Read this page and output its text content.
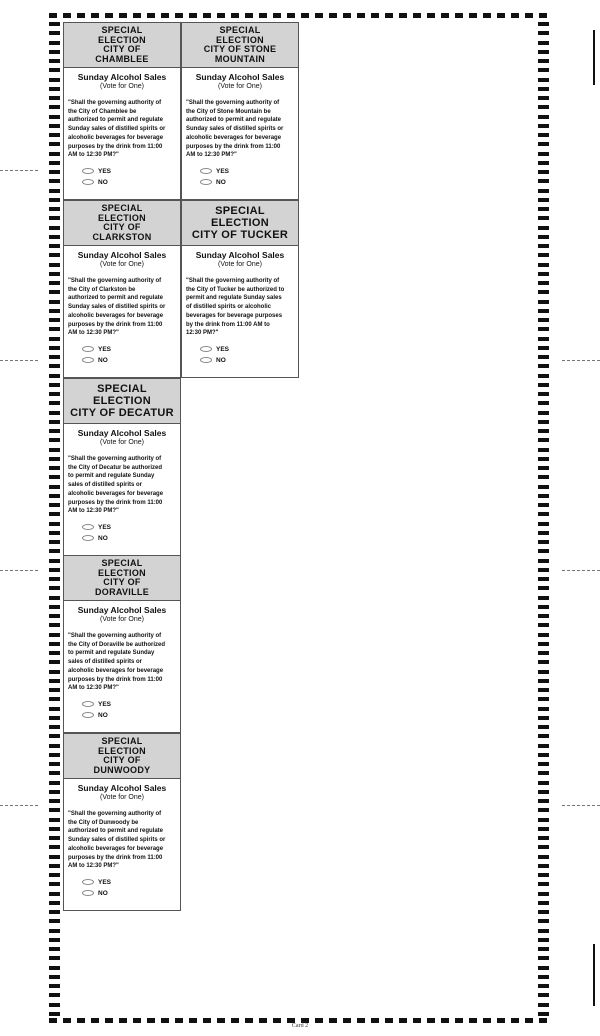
SPECIAL
ELECTION
CITY OF
CHAMBLEE
Sunday Alcohol Sales
(Vote for One)
"Shall the governing authority of
the City of Chamblee be
authorized to permit and regulate
Sunday sales of distilled spirits or
alcoholic beverages for beverage
purposes by the drink from 11:00
AM to 12:30 PM?"
YES
NO
SPECIAL
ELECTION
CITY OF STONE
MOUNTAIN
Sunday Alcohol Sales
(Vote for One)
"Shall the governing authority of
the City of Stone Mountain be
authorized to permit and regulate
Sunday sales of distilled spirits or
alcoholic beverages for beverage
purposes by the drink from 11:00
AM to 12:30 PM?"
YES
NO
SPECIAL
ELECTION
CITY OF
CLARKSTON
Sunday Alcohol Sales
(Vote for One)
"Shall the governing authority of
the City of Clarkston be
authorized to permit and regulate
Sunday sales of distilled spirits or
alcoholic beverages for beverage
purposes by the drink from 11:00
AM to 12:30 PM?"
YES
NO
SPECIAL
ELECTION
CITY OF TUCKER
Sunday Alcohol Sales
(Vote for One)
"Shall the governing authority of
the City of Tucker be authorized to
permit and regulate Sunday sales
of distilled spirits or alcoholic
beverages for beverage purposes
by the drink from 11:00 AM to
12:30 PM?"
YES
NO
SPECIAL
ELECTION
CITY OF DECATUR
Sunday Alcohol Sales
(Vote for One)
"Shall the governing authority of
the City of Decatur be authorized
to permit and regulate Sunday
sales of distilled spirits or
alcoholic beverages for beverage
purposes by the drink from 11:00
AM to 12:30 PM?"
YES
NO
SPECIAL
ELECTION
CITY OF
DORAVILLE
Sunday Alcohol Sales
(Vote for One)
"Shall the governing authority of
the City of Doraville be authorized
to permit and regulate Sunday
sales of distilled spirits or
alcoholic beverages for beverage
purposes by the drink from 11:00
AM to 12:30 PM?"
YES
NO
SPECIAL
ELECTION
CITY OF
DUNWOODY
Sunday Alcohol Sales
(Vote for One)
"Shall the governing authority of
the City of Dunwoody be
authorized to permit and regulate
Sunday sales of distilled spirits or
alcoholic beverages for beverage
purposes by the drink from 11:00
AM to 12:30 PM?"
YES
NO
Card 2
